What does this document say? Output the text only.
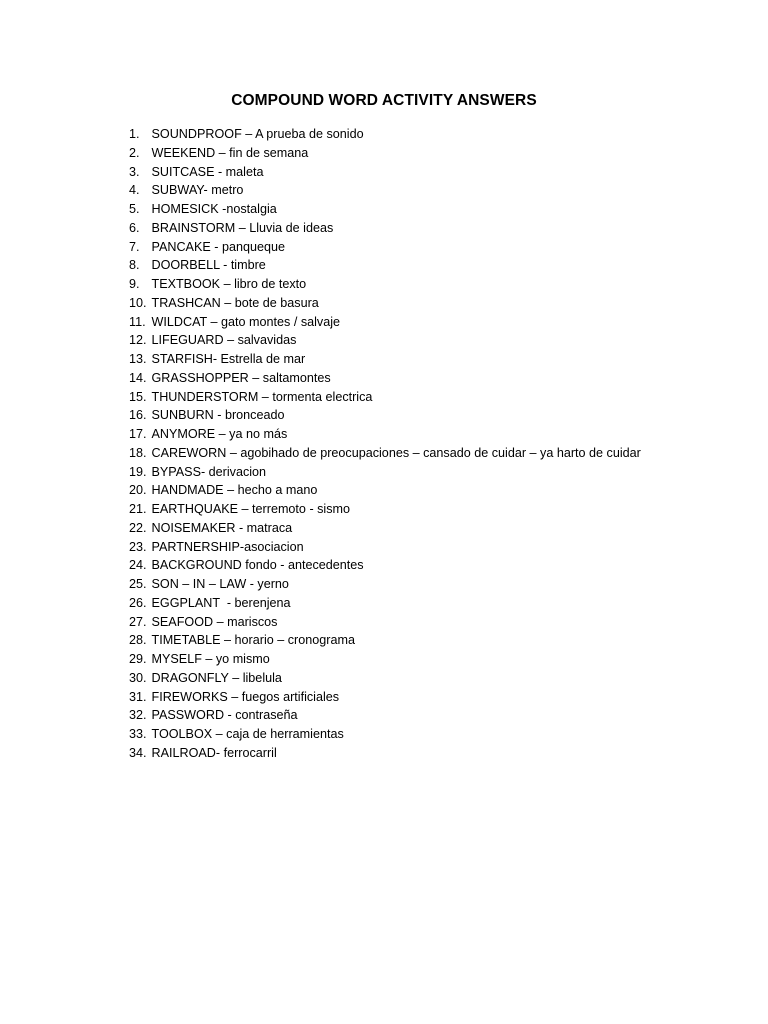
COMPOUND WORD ACTIVITY ANSWERS
1. SOUNDPROOF – A prueba de sonido
2. WEEKEND – fin de semana
3. SUITCASE - maleta
4. SUBWAY- metro
5. HOMESICK -nostalgia
6. BRAINSTORM – Lluvia de ideas
7. PANCAKE - panqueque
8. DOORBELL - timbre
9. TEXTBOOK – libro de texto
10. TRASHCAN – bote de basura
11. WILDCAT – gato montes / salvaje
12. LIFEGUARD – salvavidas
13. STARFISH- Estrella de mar
14. GRASSHOPPER – saltamontes
15. THUNDERSTORM – tormenta electrica
16. SUNBURN - bronceado
17. ANYMORE – ya no más
18. CAREWORN – agobihado de preocupaciones – cansado de cuidar – ya harto de cuidar
19. BYPASS- derivacion
20. HANDMADE – hecho a mano
21. EARTHQUAKE – terremoto - sismo
22. NOISEMAKER - matraca
23. PARTNERSHIP-asociacion
24. BACKGROUND fondo - antecedentes
25. SON – IN – LAW - yerno
26. EGGPLANT  - berenjena
27. SEAFOOD – mariscos
28. TIMETABLE – horario – cronograma
29. MYSELF – yo mismo
30. DRAGONFLY – libelula
31. FIREWORKS – fuegos artificiales
32. PASSWORD - contraseña
33. TOOLBOX – caja de herramientas
34. RAILROAD- ferrocarril
